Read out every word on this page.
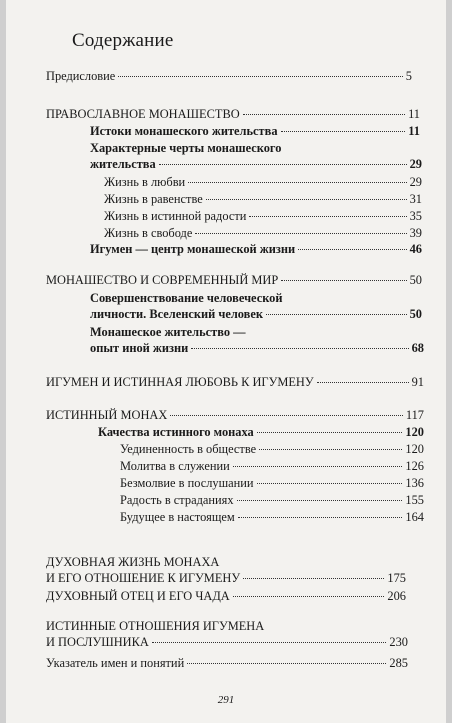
Содержание
Предисловие	5
ПРАВОСЛАВНОЕ МОНАШЕСТВО	11
Истоки монашеского жительства	11
Характерные черты монашеского
жительства	29
Жизнь в любви	29
Жизнь в равенстве	31
Жизнь в истинной радости	35
Жизнь в свободе	39
Игумен — центр монашеской жизни	46
МОНАШЕСТВО И СОВРЕМЕННЫЙ МИР	50
Совершенствование человеческой
личности. Вселенский человек	50
Монашеское жительство —
опыт иной жизни	68
ИГУМЕН И ИСТИННАЯ ЛЮБОВЬ К ИГУМЕНУ	91
ИСТИННЫЙ МОНАХ	117
Качества истинного монаха	120
Уединенность в обществе	120
Молитва в служении	126
Безмолвие в послушании	136
Радость в страданиях	155
Будущее в настоящем	164
ДУХОВНАЯ ЖИЗНЬ МОНАХА
И ЕГО ОТНОШЕНИЕ К ИГУМЕНУ	175
ДУХОВНЫЙ ОТЕЦ И ЕГО ЧАДА	206
ИСТИННЫЕ ОТНОШЕНИЯ ИГУМЕНА
И ПОСЛУШНИКА	230
Указатель имен и понятий	285
291
